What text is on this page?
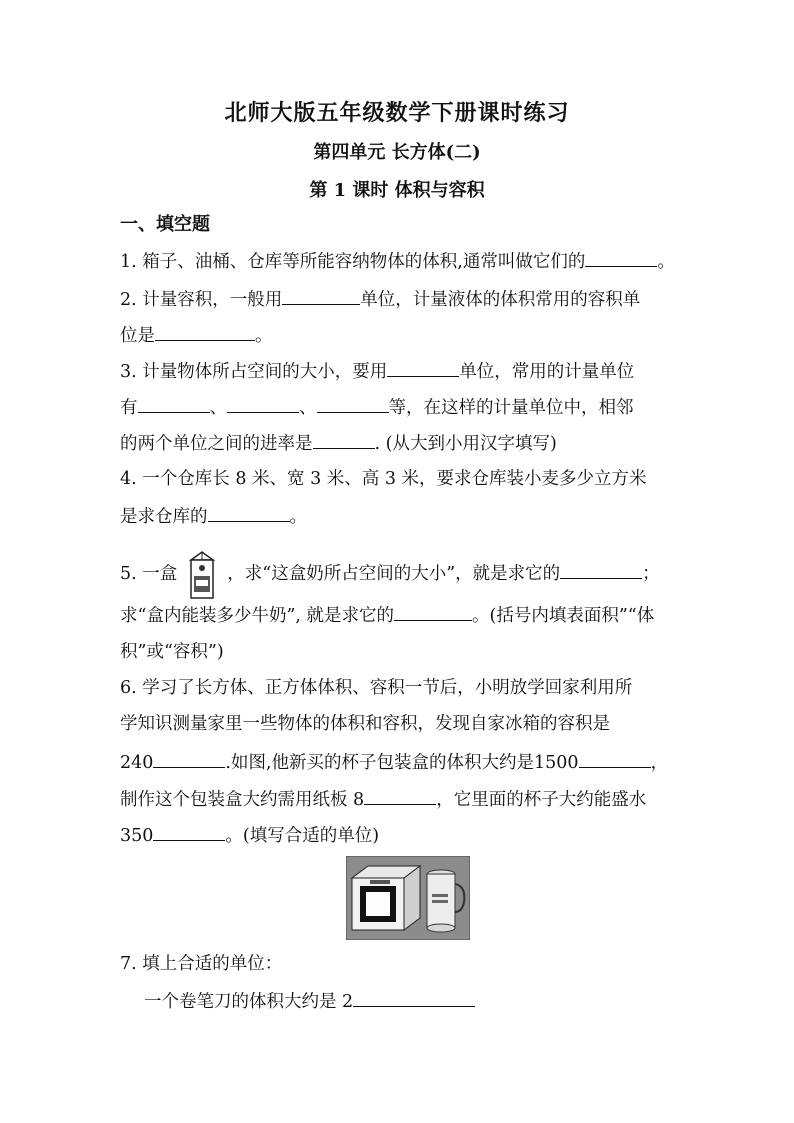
北师大版五年级数学下册课时练习
第四单元 长方体(二)
第 1 课时 体积与容积
一、填空题
1. 箱子、油桶、仓库等所能容纳物体的体积,通常叫做它们的	。
2. 计量容积，一般用	单位，计量液体的体积常用的容积单
位是	。
3. 计量物体所占空间的大小，要用	单位，常用的计量单位
有	、	、	等，在这样的计量单位中，相邻
的两个单位之间的进率是	. (从大到小用汉字填写)
4. 一个仓库长 8 米、宽 3 米、高 3 米，要求仓库装小麦多少立方米
是求仓库的	。
5. 一盒	，求“这盒奶所占空间的大小”，就是求它的	；
求“盒内能装多少牛奶”, 就是求它的	。(括号内填表面积”“体
积”或“容积”)
6. 学习了长方体、正方体体积、容积一节后，小明放学回家利用所
学知识测量家里一些物体的体积和容积，发现自家冰箱的容积是
240	.如图,他新买的杯子包装盒的体积大约是1500	，
制作这个包装盒大约需用纸板 8	，它里面的杯子大约能盛水
350	。(填写合适的单位)
7. 填上合适的单位：
一个卷笔刀的体积大约是 2
